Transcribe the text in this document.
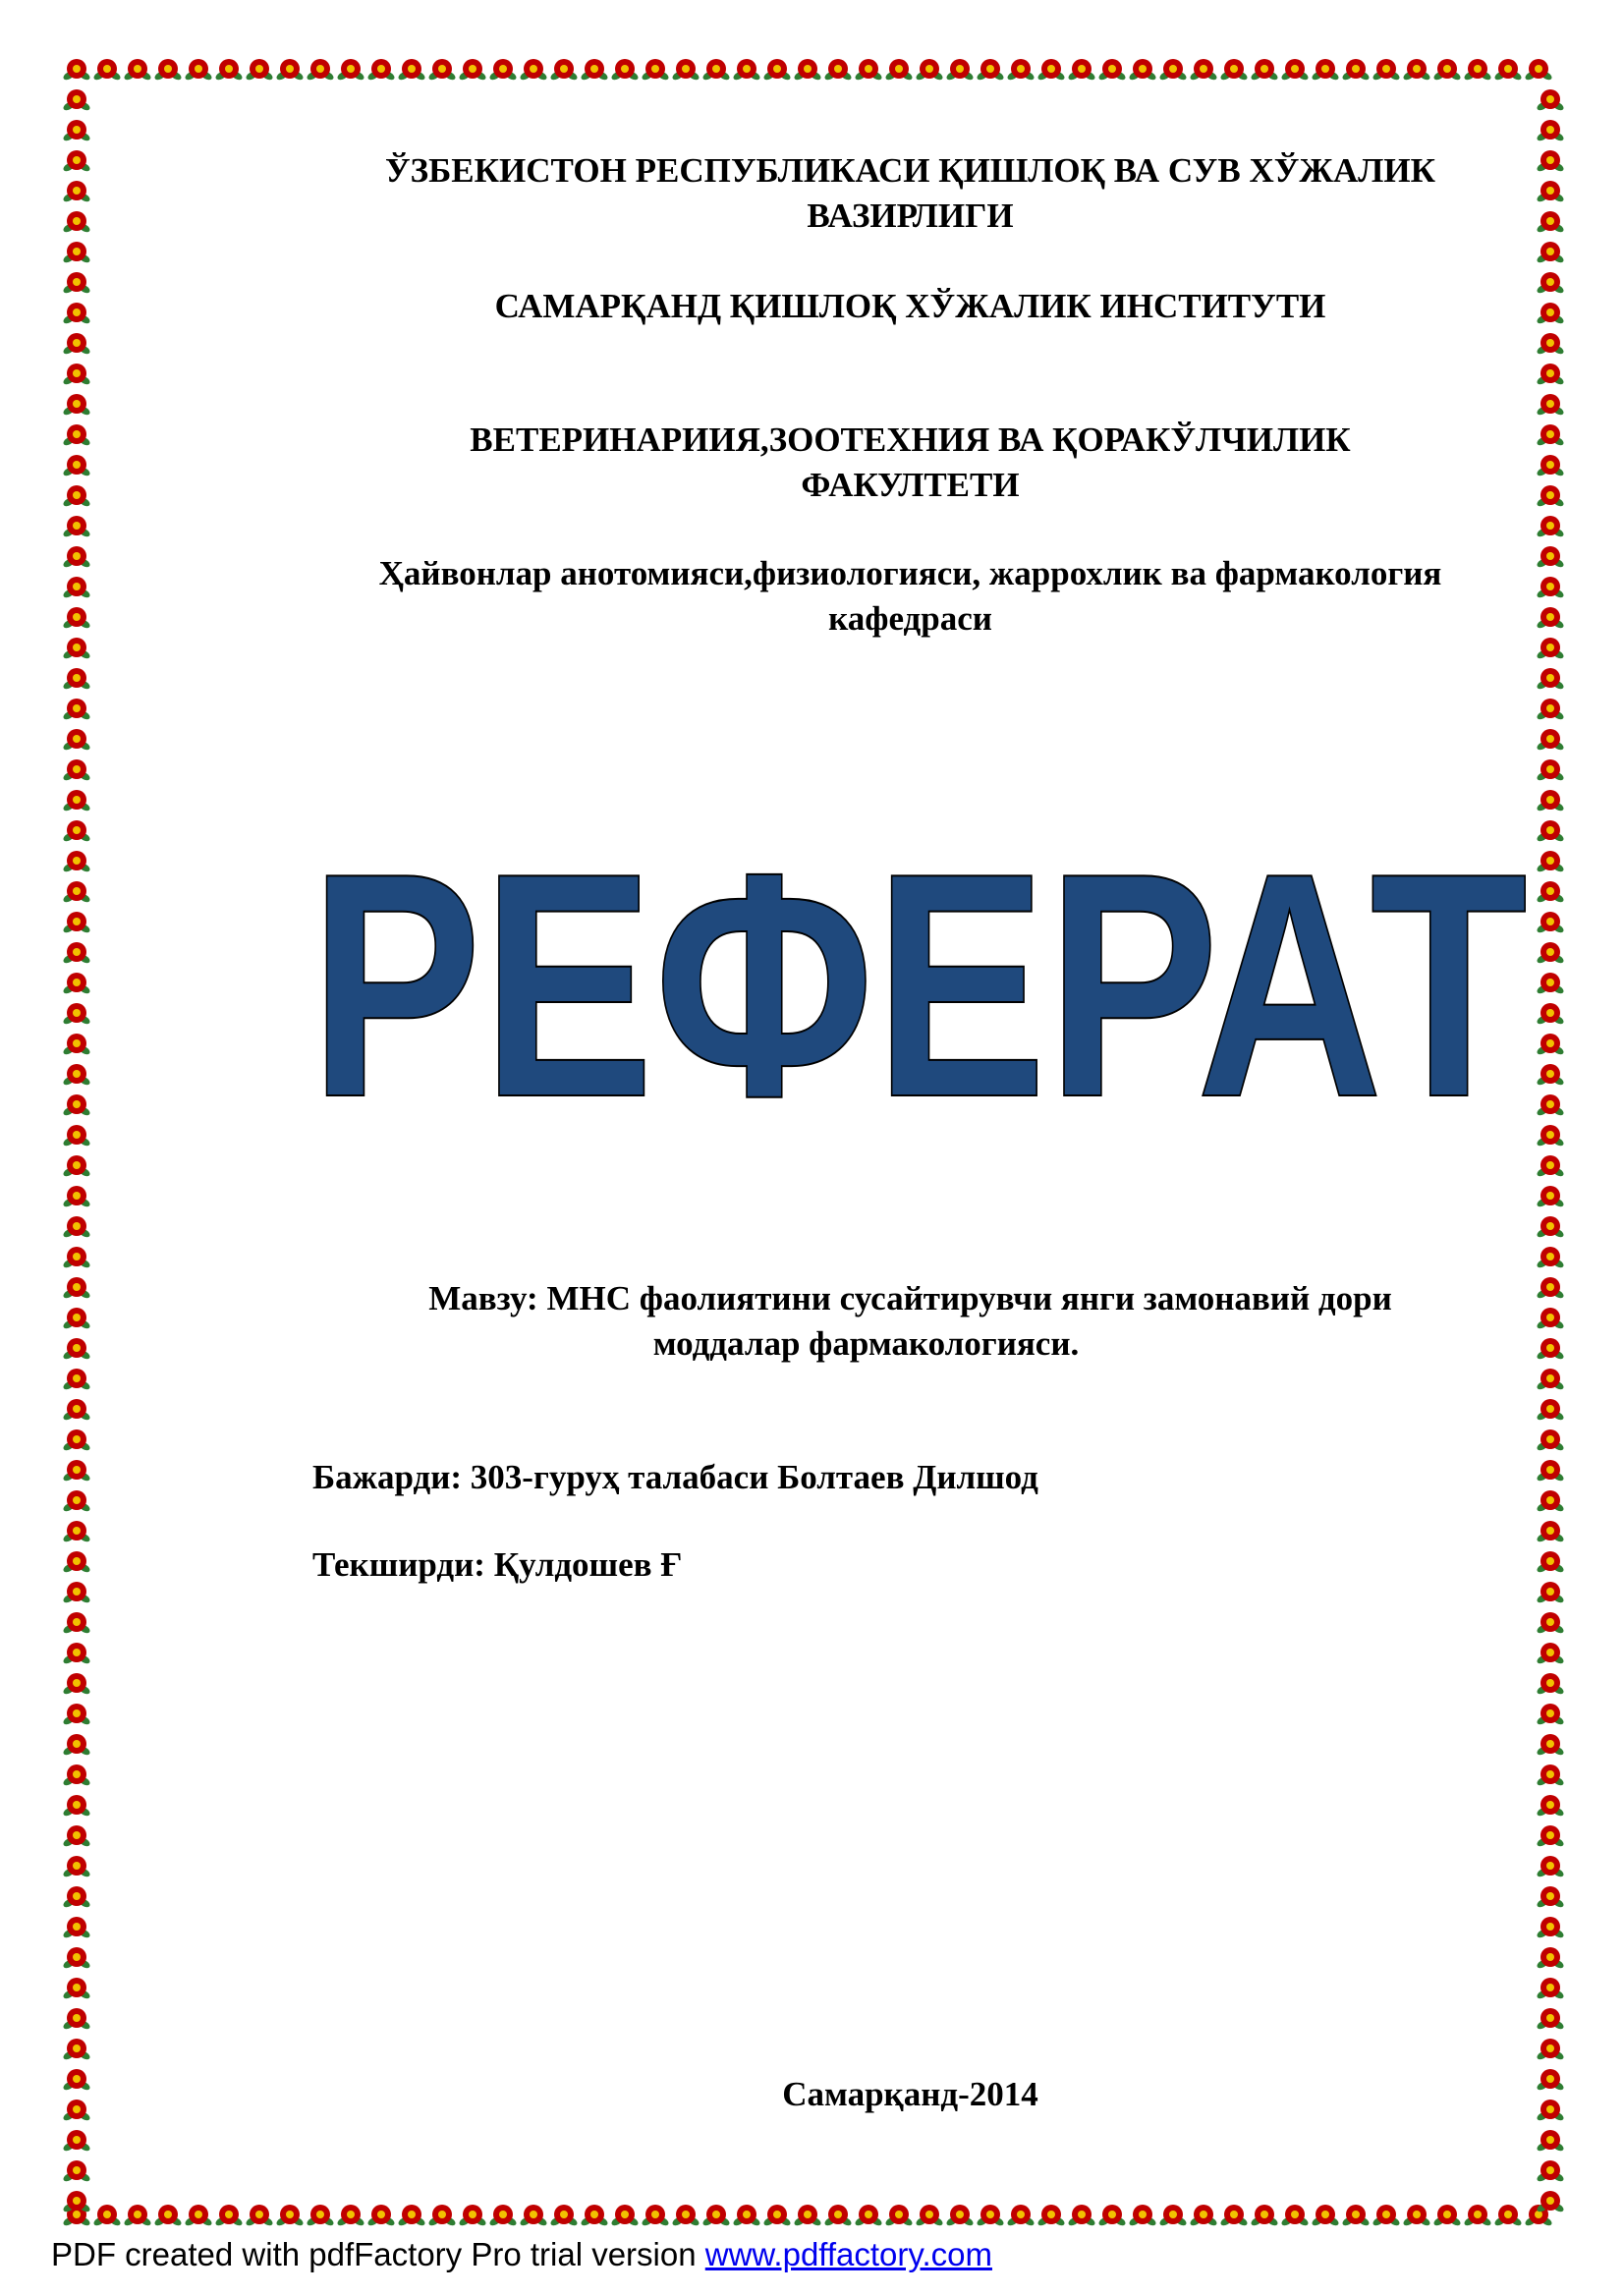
ЎЗБЕКИСТОН РЕСПУБЛИКАСИ ҚИШЛОҚ ВА СУВ ХЎЖАЛИК
ВАЗИРЛИГИ
САМАРҚАНД ҚИШЛОҚ ХЎЖАЛИК ИНСТИТУТИ
ВЕТЕРИНАРИИЯ,ЗООТЕХНИЯ ВА ҚОРАКЎЛЧИЛИК
ФАКУЛТЕТИ
Ҳайвонлар анотомияси,физиологияси, жаррохлик ва фармакология
кафедраси
РЕФЕРАТ
Мавзу: МНС фаолиятини сусайтирувчи янги замонавий дори
моддалар фармакологияси.
Бажарди: 303-гуруҳ талабаси Болтаев Дилшод
Текширди: Қулдошев Ғ
Самарқанд-2014
PDF created with pdfFactory Pro trial version www.pdffactory.com
